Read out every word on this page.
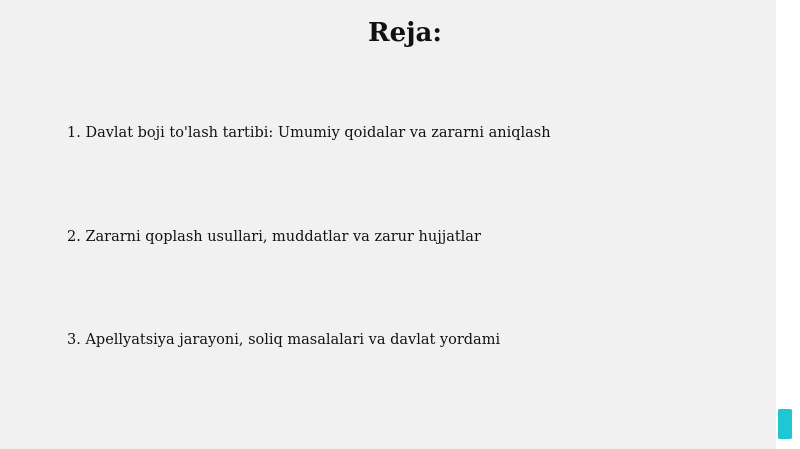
Reja:

1. Davlat boji to'lash tartibi: Umumiy qoidalar va zararni aniqlash

2. Zararni qoplash usullari, muddatlar va zarur hujjatlar

3. Apellyatsiya jarayoni, soliq masalalari va davlat yordami
